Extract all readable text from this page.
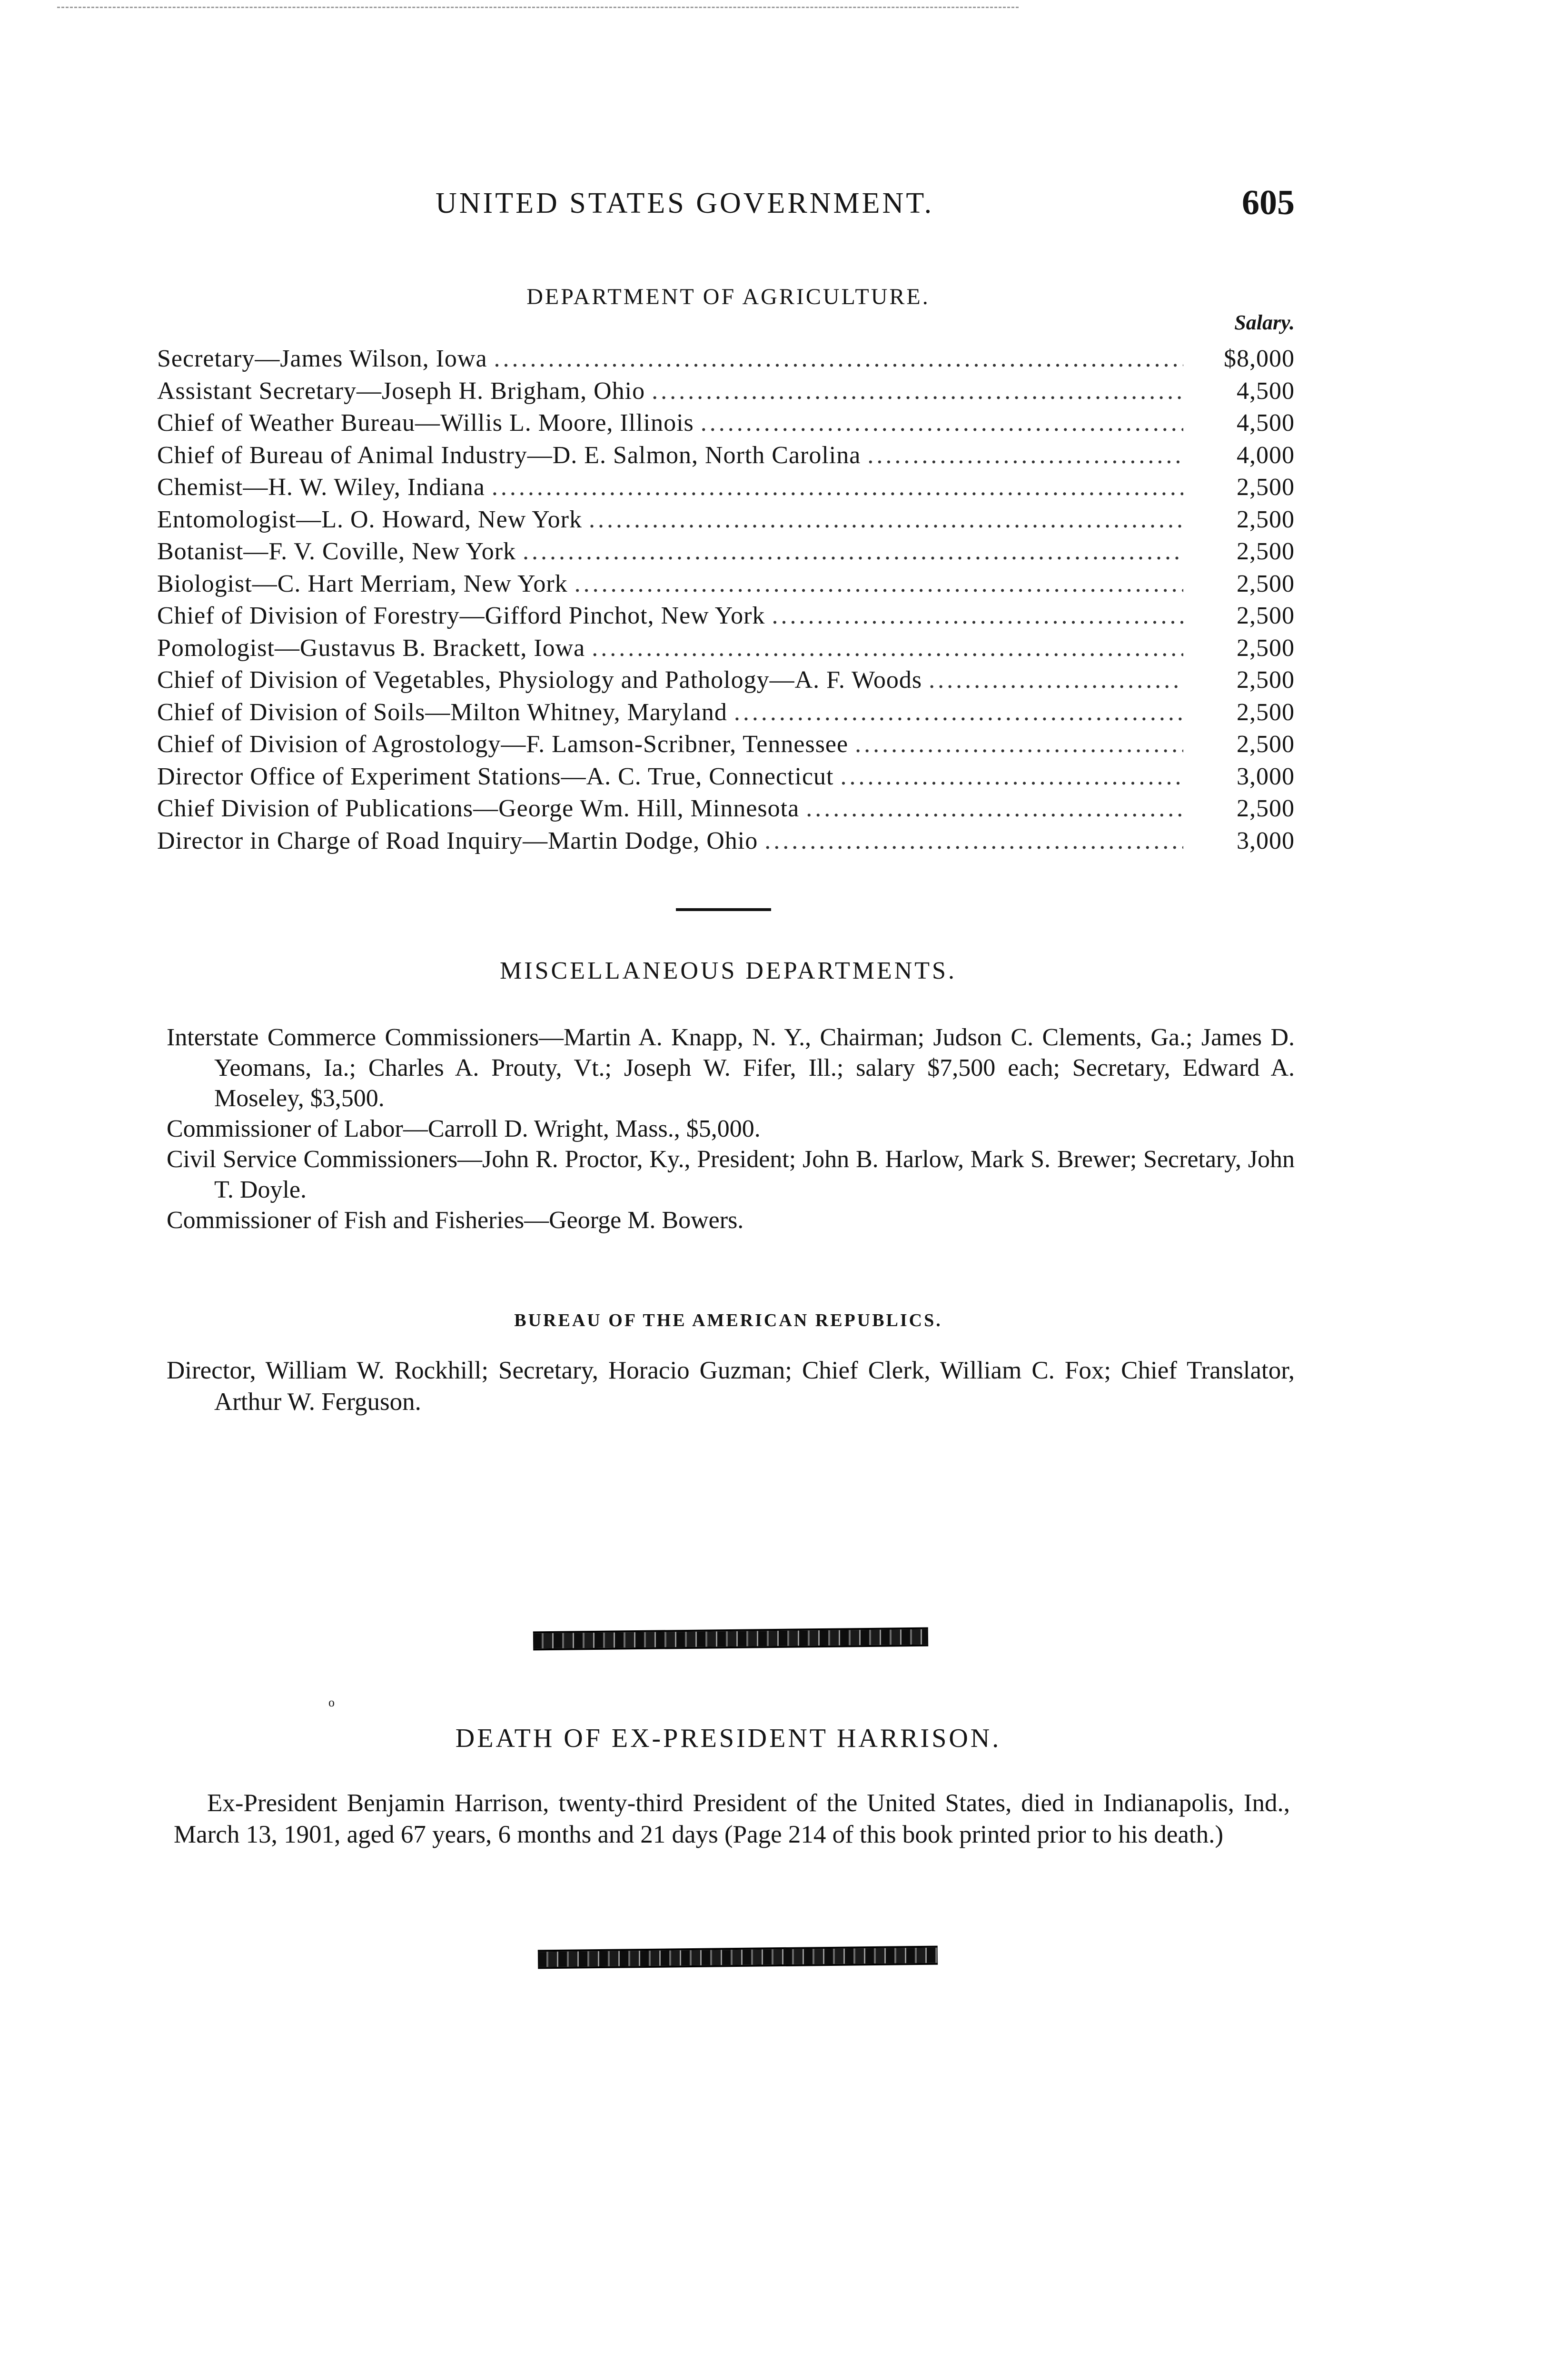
UNITED STATES GOVERNMENT.	605
DEPARTMENT OF AGRICULTURE.
Salary.
Secretary—James Wilson, Iowa .....	$8,000
Assistant Secretary—Joseph H. Brigham, Ohio .....	4,500
Chief of Weather Bureau—Willis L. Moore, Illinois .....	4,500
Chief of Bureau of Animal Industry—D. E. Salmon, North Carolina .....	4,000
Chemist—H. W. Wiley, Indiana .....	2,500
Entomologist—L. O. Howard, New York .....	2,500
Botanist—F. V. Coville, New York .....	2,500
Biologist—C. Hart Merriam, New York .....	2,500
Chief of Division of Forestry—Gifford Pinchot, New York .....	2,500
Pomologist—Gustavus B. Brackett, Iowa .....	2,500
Chief of Division of Vegetables, Physiology and Pathology—A. F. Woods .....	2,500
Chief of Division of Soils—Milton Whitney, Maryland .....	2,500
Chief of Division of Agrostology—F. Lamson-Scribner, Tennessee .....	2,500
Director Office of Experiment Stations—A. C. True, Connecticut .....	3,000
Chief Division of Publications—George Wm. Hill, Minnesota .....	2,500
Director in Charge of Road Inquiry—Martin Dodge, Ohio .....	3,000
MISCELLANEOUS DEPARTMENTS.
Interstate Commerce Commissioners—Martin A. Knapp, N. Y., Chairman; Judson C. Clements, Ga.; James D. Yeomans, Ia.; Charles A. Prouty, Vt.; Joseph W. Fifer, Ill.; salary $7,500 each; Secretary, Edward A. Moseley, $3,500.
Commissioner of Labor—Carroll D. Wright, Mass., $5,000.
Civil Service Commissioners—John R. Proctor, Ky., President; John B. Harlow, Mark S. Brewer; Secretary, John T. Doyle.
Commissioner of Fish and Fisheries—George M. Bowers.
BUREAU OF THE AMERICAN REPUBLICS.

Director, William W. Rockhill; Secretary, Horacio Guzman; Chief Clerk, William C. Fox; Chief Translator, Arthur W. Ferguson.

o
DEATH OF EX-PRESIDENT HARRISON.

Ex-President Benjamin Harrison, twenty-third President of the United States, died in Indianapolis, Ind., March 13, 1901, aged 67 years, 6 months and 21 days (Page 214 of this book printed prior to his death.)
